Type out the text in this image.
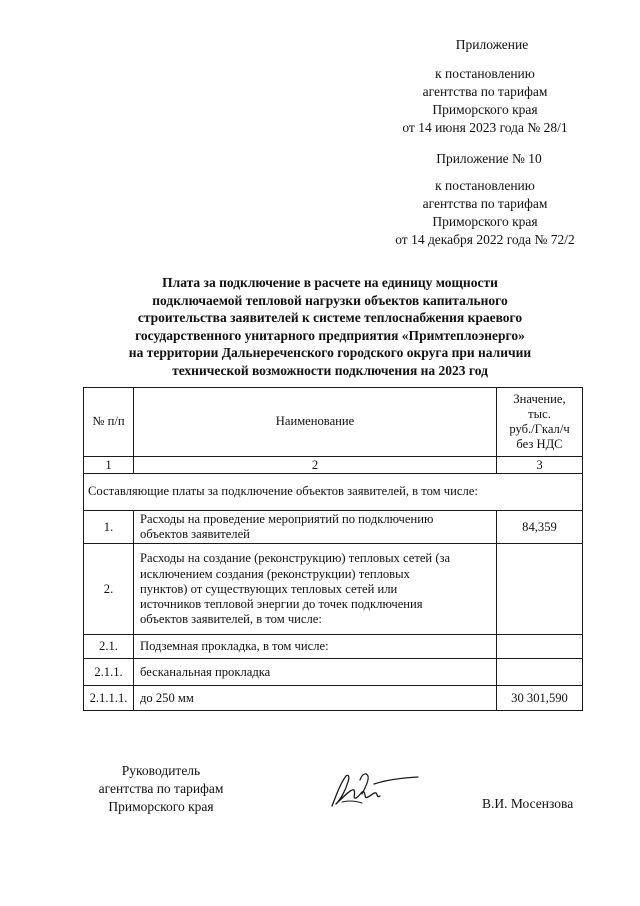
Приложение
к постановлению
агентства по тарифам
Приморского края
от 14 июня 2023 года № 28/1
Приложение № 10
к постановлению
агентства по тарифам
Приморского края
от 14 декабря 2022 года № 72/2
Плата за подключение в расчете на единицу мощности
подключаемой тепловой нагрузки объектов капитального
строительства заявителей к системе теплоснабжения краевого
государственного унитарного предприятия «Примтеплоэнерго»
на территории Дальнереченского городского округа при наличии
технической возможности подключения на 2023 год
№ п/п	Наименование	Значение,
тыс.
руб./Гкал/ч
без НДС

1	2	3
Составляющие платы за подключение объектов заявителей, в том числе:		
1.	Расходы на проведение мероприятий по подключению
объектов заявителей	84,359
2.	Расходы на создание (реконструкцию) тепловых сетей (за
исключением создания (реконструкции) тепловых
пунктов) от существующих тепловых сетей или
источников тепловой энергии до точек подключения
объектов заявителей, в том числе:	

2.1.	Подземная прокладка, в том числе:	

2.1.1.	бесканальная прокладка	

2.1.1.1.	до 250 мм	30 301,590
Руководитель
агентства по тарифам
Приморского края	В.И. Мосензова
